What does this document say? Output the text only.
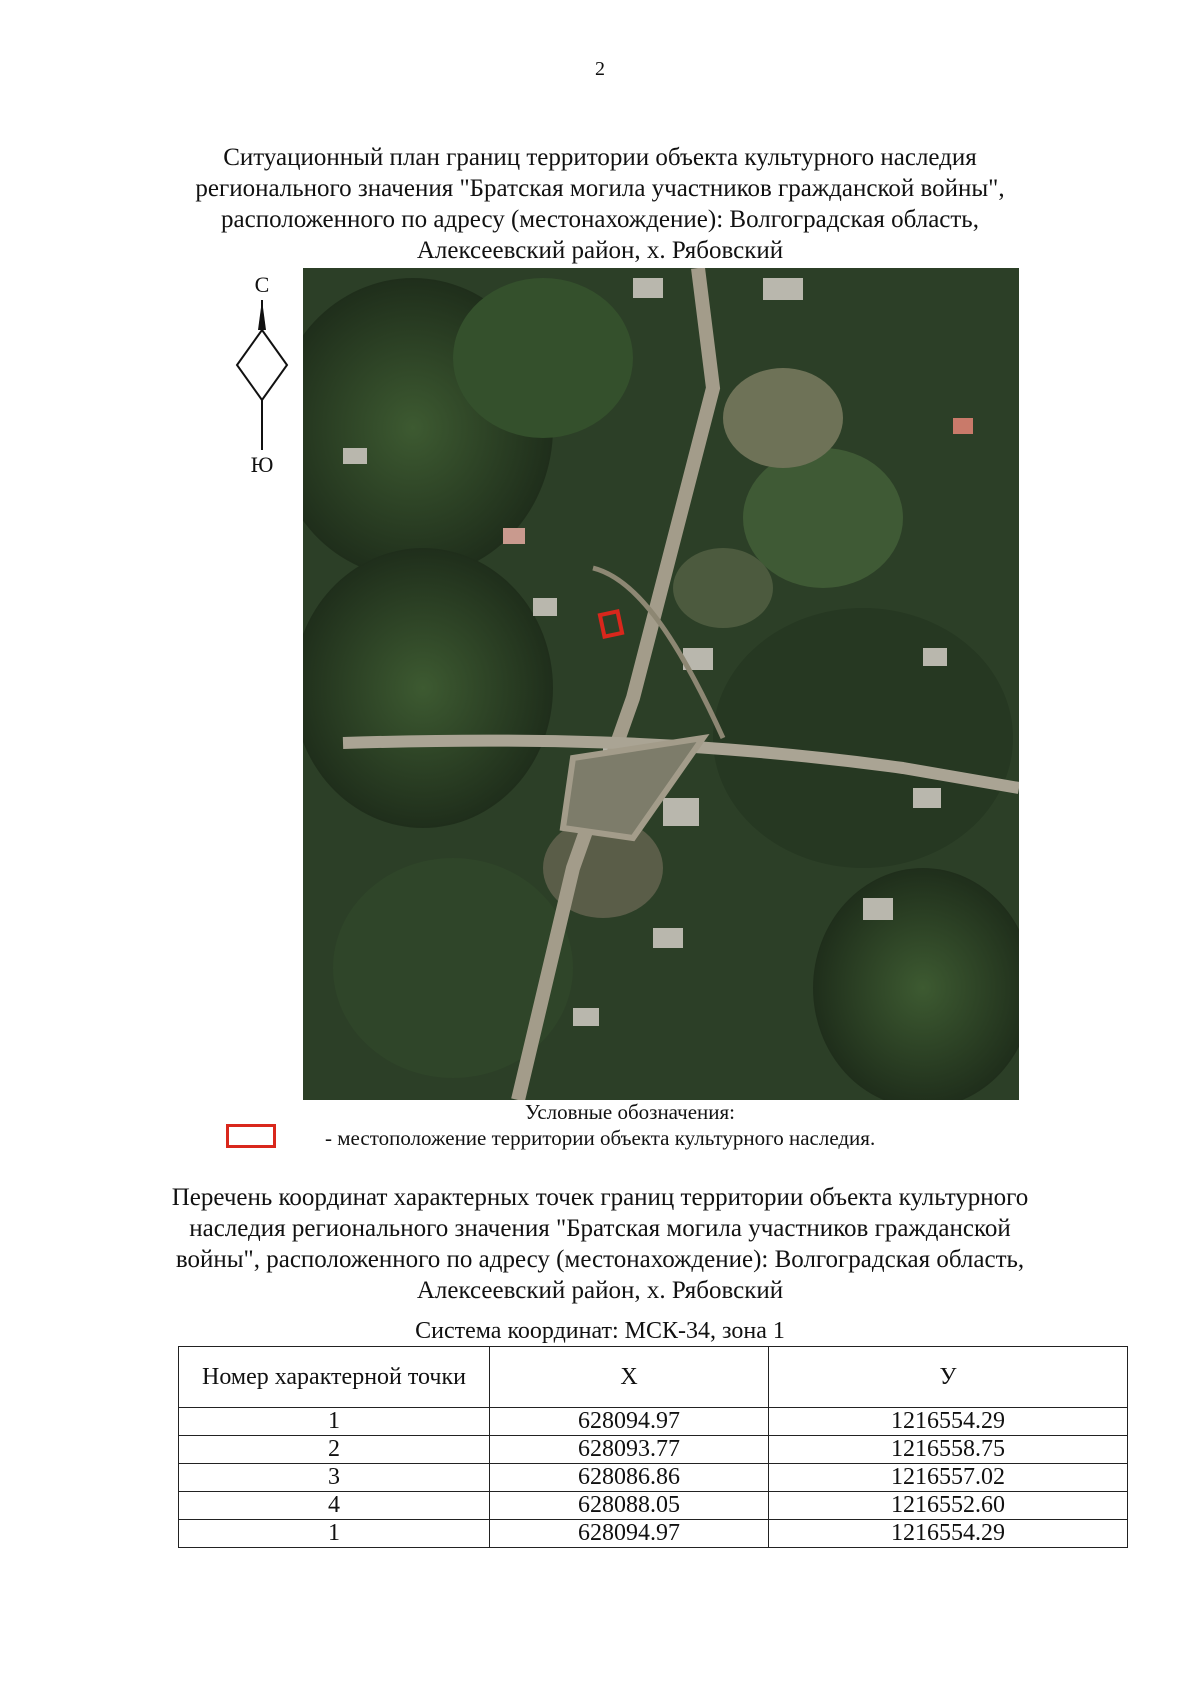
2
Ситуационный план границ территории объекта культурного наследия регионального значения "Братская могила участников гражданской войны", расположенного по адресу (местонахождение): Волгоградская область, Алексеевский район, х. Рябовский
С
Ю
Условные обозначения:
- местоположение территории объекта культурного наследия.
Перечень координат характерных точек границ территории объекта культурного наследия регионального значения "Братская могила участников гражданской войны", расположенного по адресу (местонахождение): Волгоградская область, Алексеевский район, х. Рябовский
Система координат: МСК-34, зона 1
Номер характерной точки	X	У
1	628094.97	1216554.29
2	628093.77	1216558.75
3	628086.86	1216557.02
4	628088.05	1216552.60
1	628094.97	1216554.29
